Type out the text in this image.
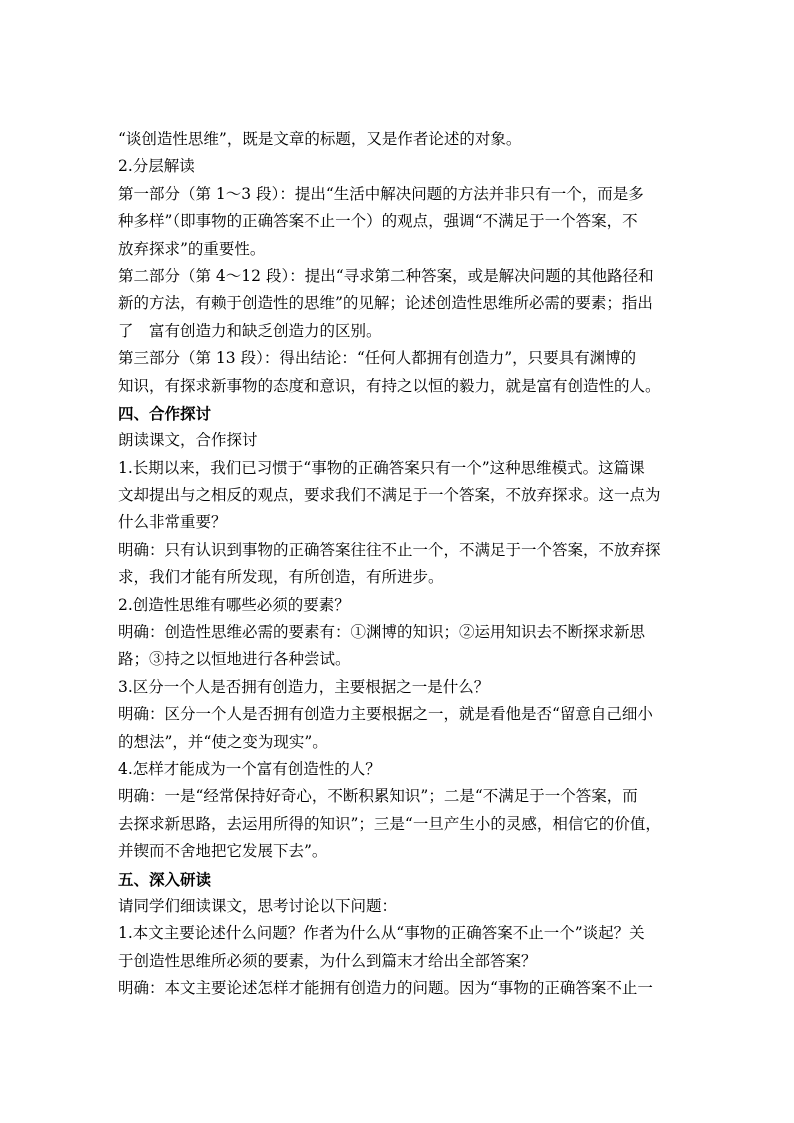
“谈创造性思维”，既是文章的标题，又是作者论述的对象。
2.分层解读
第一部分（第 1～3 段）：提出“生活中解决问题的方法并非只有一个，而是多
种多样”（即事物的正确答案不止一个）的观点，强调“不满足于一个答案，不
放弃探求”的重要性。
第二部分（第 4～12 段）：提出“寻求第二种答案，或是解决问题的其他路径和
新的方法，有赖于创造性的思维”的见解；论述创造性思维所必需的要素；指出
了　富有创造力和缺乏创造力的区别。
第三部分（第 13 段）：得出结论：“任何人都拥有创造力”，只要具有渊博的
知识，有探求新事物的态度和意识，有持之以恒的毅力，就是富有创造性的人。
四、合作探讨
朗读课文，合作探讨
1.长期以来，我们已习惯于“事物的正确答案只有一个”这种思维模式。这篇课
文却提出与之相反的观点，要求我们不满足于一个答案，不放弃探求。这一点为
什么非常重要？
明确：只有认识到事物的正确答案往往不止一个，不满足于一个答案，不放弃探
求，我们才能有所发现，有所创造，有所进步。
2.创造性思维有哪些必须的要素？
明确：创造性思维必需的要素有：①渊博的知识；②运用知识去不断探求新思
路；③持之以恒地进行各种尝试。
3.区分一个人是否拥有创造力，主要根据之一是什么？
明确：区分一个人是否拥有创造力主要根据之一，就是看他是否“留意自己细小
的想法”，并“使之变为现实”。
4.怎样才能成为一个富有创造性的人？
明确：一是“经常保持好奇心，不断积累知识”；二是“不满足于一个答案，而
去探求新思路，去运用所得的知识”；三是“一旦产生小的灵感，相信它的价值，
并锲而不舍地把它发展下去”。
五、深入研读
请同学们细读课文，思考讨论以下问题：
1.本文主要论述什么问题？作者为什么从“事物的正确答案不止一个”谈起？关
于创造性思维所必须的要素，为什么到篇末才给出全部答案？
明确：本文主要论述怎样才能拥有创造力的问题。因为“事物的正确答案不止一
